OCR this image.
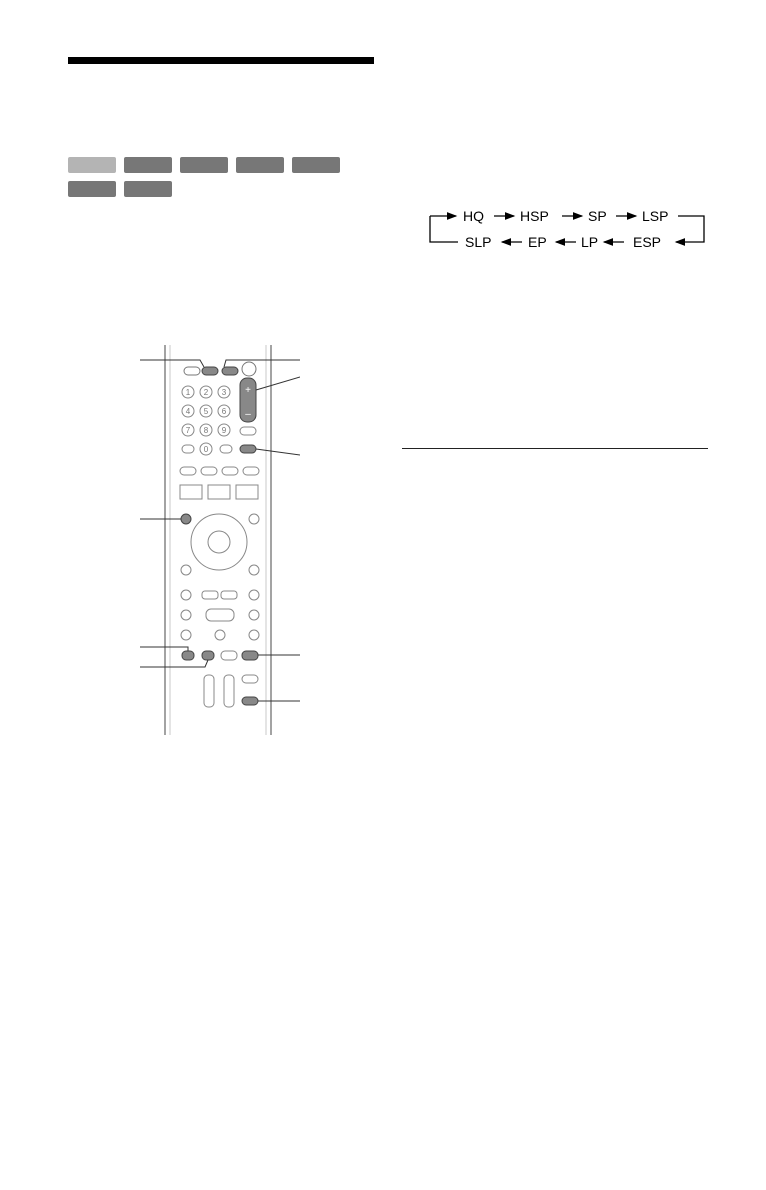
HQ	HSP	SP	LSP
SLP	EP LP ESP
1 2 3
4 5 6
7 8 9
0
+
–
